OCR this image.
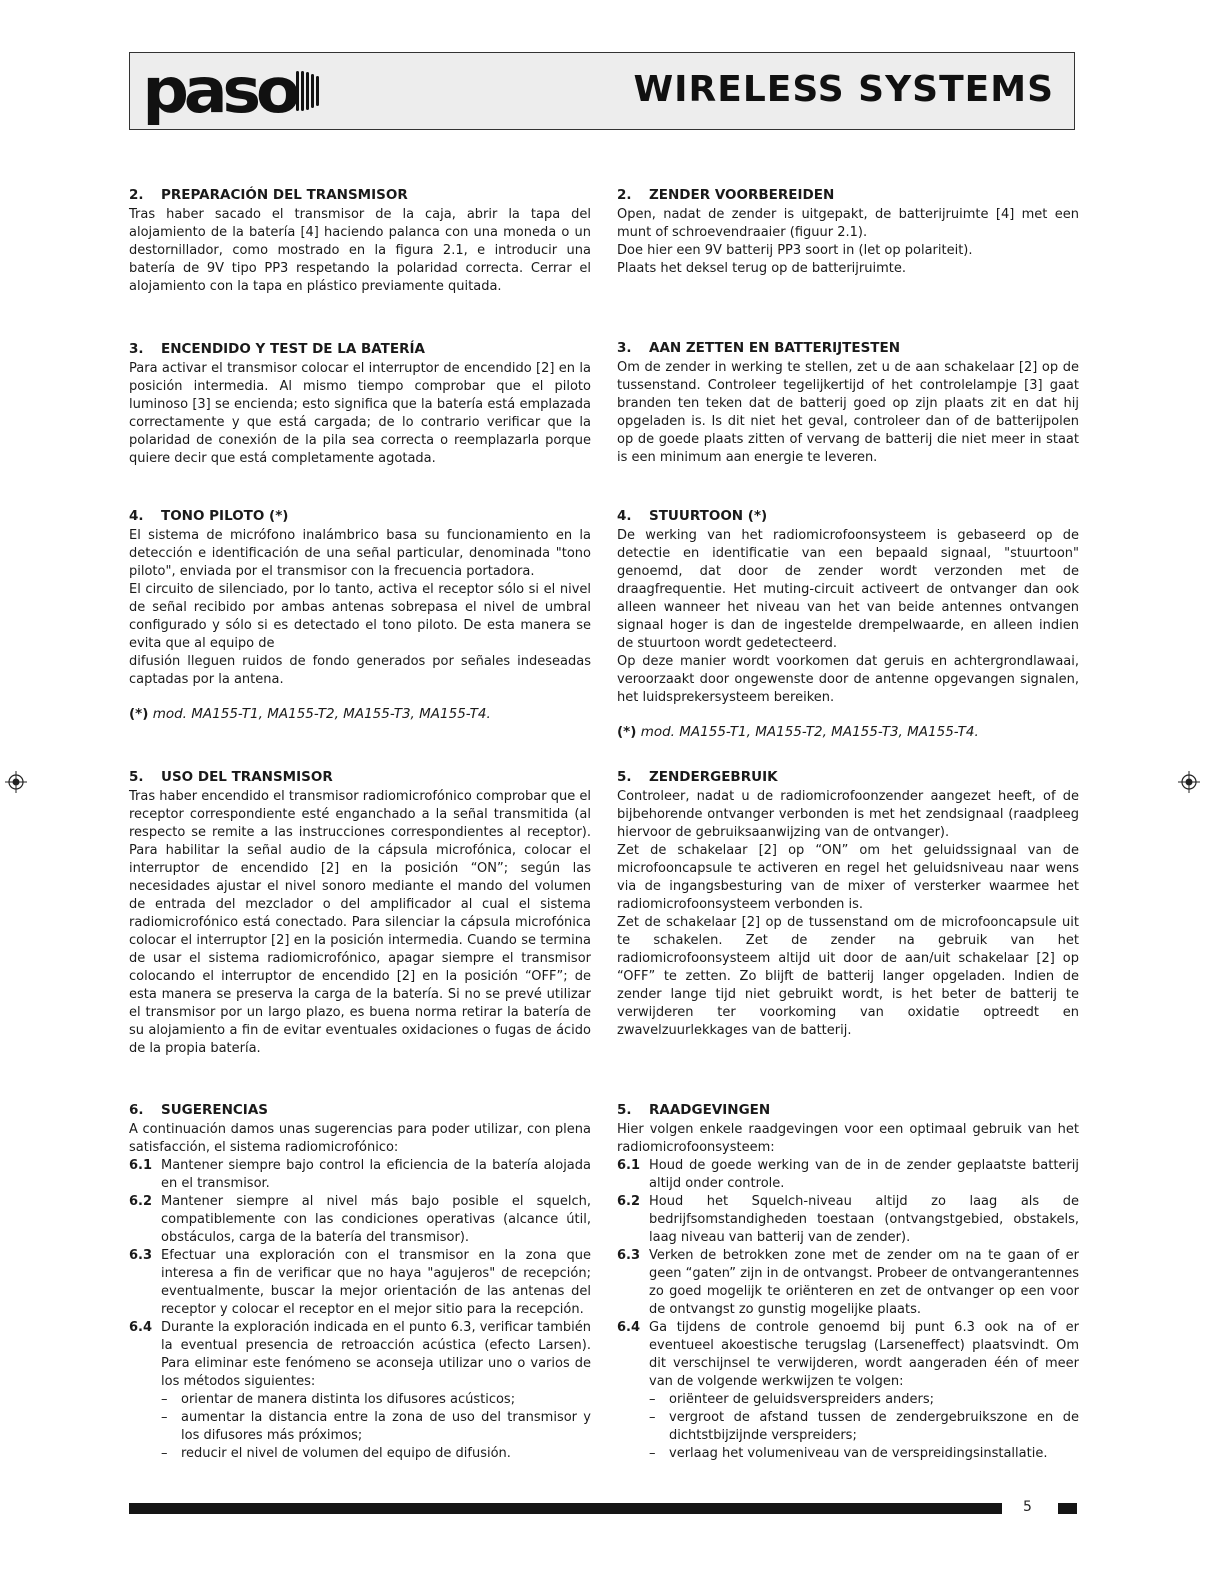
paso	WIRELESS SYSTEMS
2. PREPARACIÓN DEL TRANSMISOR

Tras haber sacado el transmisor de la caja, abrir la tapa del alojamiento de la batería [4] haciendo palanca con una moneda o un destornillador, como mostrado en la figura 2.1, e introducir una batería de 9V tipo PP3 respetando la polaridad correcta. Cerrar el alojamiento con la tapa en plástico previamente quitada.

3. ENCENDIDO Y TEST DE LA BATERÍA

Para activar el transmisor colocar el interruptor de encendido [2] en la posición intermedia. Al mismo tiempo comprobar que el piloto luminoso [3] se encienda; esto significa que la batería está emplazada correctamente y que está cargada; de lo contrario verificar que la polaridad de conexión de la pila sea correcta o reemplazarla porque quiere decir que está completamente agotada.

4. TONO PILOTO (*)

El sistema de micrófono inalámbrico basa su funcionamiento en la detección e identificación de una señal particular, denominada "tono piloto", enviada por el transmisor con la frecuencia portadora.

El circuito de silenciado, por lo tanto, activa el receptor sólo si el nivel de señal recibido por ambas antenas sobrepasa el nivel de umbral configurado y sólo si es detectado el tono piloto. De esta manera se evita que al equipo de

difusión lleguen ruidos de fondo generados por señales indeseadas captadas por la antena.

(*) mod. MA155-T1, MA155-T2, MA155-T3, MA155-T4.
5. USO DEL TRANSMISOR

Tras haber encendido el transmisor radiomicrofónico comprobar que el receptor correspondiente esté enganchado a la señal transmitida (al respecto se remite a las instrucciones correspondientes al receptor). Para habilitar la señal audio de la cápsula microfónica, colocar el interruptor de encendido [2] en la posición “ON”; según las necesidades ajustar el nivel sonoro mediante el mando del volumen de entrada del mezclador o del amplificador al cual el sistema radiomicrofónico está conectado. Para silenciar la cápsula microfónica colocar el interruptor [2] en la posición intermedia. Cuando se termina de usar el sistema radiomicrofónico, apagar siempre el transmisor colocando el interruptor de encendido [2] en la posición “OFF”; de esta manera se preserva la carga de la batería. Si no se prevé utilizar el transmisor por un largo plazo, es buena norma retirar la batería de su alojamiento a fin de evitar eventuales oxidaciones o fugas de ácido de la propia batería.

6. SUGERENCIAS

A continuación damos unas sugerencias para poder utilizar, con plena satisfacción, el sistema radiomicrofónico:

6.1 Mantener siempre bajo control la eficiencia de la batería alojada en el transmisor.
6.2 Mantener siempre al nivel más bajo posible el squelch, compatiblemente con las condiciones operativas (alcance útil, obstáculos, carga de la batería del transmisor).
6.3 Efectuar una exploración con el transmisor en la zona que interesa a fin de verificar que no haya "agujeros" de recepción; eventualmente, buscar la mejor orientación de las antenas del receptor y colocar el receptor en el mejor sitio para la recepción.
6.4 Durante la exploración indicada en el punto 6.3, verificar también la eventual presencia de retroacción acústica (efecto Larsen). Para eliminar este fenómeno se aconseja utilizar uno o varios de los métodos siguientes:
–	orientar de manera distinta los difusores acústicos;
–	aumentar la distancia entre la zona de uso del transmisor y los difusores más próximos;
–	reducir el nivel de volumen del equipo de difusión.
2. ZENDER VOORBEREIDEN

Open, nadat de zender is uitgepakt, de batterijruimte [4] met een munt of schroevendraaier (figuur 2.1).

Doe hier een 9V batterij PP3 soort in (let op polariteit).

Plaats het deksel terug op de batterijruimte.

3. AAN ZETTEN EN BATTERIJTESTEN

Om de zender in werking te stellen, zet u de aan schakelaar [2] op de tussenstand. Controleer tegelijkertijd of het controlelampje [3] gaat branden ten teken dat de batterij goed op zijn plaats zit en dat hij opgeladen is. Is dit niet het geval, controleer dan of de batterijpolen op de goede plaats zitten of vervang de batterij die niet meer in staat is een minimum aan energie te leveren.

4. STUURTOON (*)

De werking van het radiomicrofoonsysteem is gebaseerd op de detectie en identificatie van een bepaald signaal, "stuurtoon" genoemd, dat door de zender wordt verzonden met de draagfrequentie. Het muting-circuit activeert de ontvanger dan ook alleen wanneer het niveau van het van beide antennes ontvangen signaal hoger is dan de ingestelde drempelwaarde, en alleen indien de stuurtoon wordt gedetecteerd.

Op deze manier wordt voorkomen dat geruis en achtergrondlawaai, veroorzaakt door ongewenste door de antenne opgevangen signalen, het luidsprekersysteem bereiken.

(*) mod. MA155-T1, MA155-T2, MA155-T3, MA155-T4.
5. ZENDERGEBRUIK

Controleer, nadat u de radiomicrofoonzender aangezet heeft, of de bijbehorende ontvanger verbonden is met het zendsignaal (raadpleeg hiervoor de gebruiksaanwijzing van de ontvanger).

Zet de schakelaar [2] op “ON” om het geluidssignaal van de microfooncapsule te activeren en regel het geluidsniveau naar wens via de ingangsbesturing van de mixer of versterker waarmee het radiomicrofoonsysteem verbonden is.

Zet de schakelaar [2] op de tussenstand om de microfooncapsule uit te schakelen. Zet de zender na gebruik van het radiomicrofoonsysteem altijd uit door de aan/uit schakelaar [2] op “OFF” te zetten. Zo blijft de batterij langer opgeladen. Indien de zender lange tijd niet gebruikt wordt, is het beter de batterij te verwijderen ter voorkoming van oxidatie optreedt en zwavelzuurlekkages van de batterij.

5. RAADGEVINGEN

Hier volgen enkele raadgevingen voor een optimaal gebruik van het radiomicrofoonsysteem:

6.1 Houd de goede werking van de in de zender geplaatste batterij altijd onder controle.
6.2 Houd het Squelch-niveau altijd zo laag als de bedrijfsomstandigheden toestaan (ontvangstgebied, obstakels, laag niveau van batterij van de zender).
6.3 Verken de betrokken zone met de zender om na te gaan of er geen “gaten” zijn in de ontvangst. Probeer de ontvangerantennes zo goed mogelijk te oriënteren en zet de ontvanger op een voor de ontvangst zo gunstig mogelijke plaats.
6.4 Ga tijdens de controle genoemd bij punt 6.3 ook na of er eventueel akoestische terugslag (Larseneffect) plaatsvindt. Om dit verschijnsel te verwijderen, wordt aangeraden één of meer van de volgende werkwijzen te volgen:
–	oriënteer de geluidsverspreiders anders;
–	vergroot de afstand tussen de zendergebruikszone en de dichtstbijzijnde verspreiders;
–	verlaag het volumeniveau van de verspreidingsinstallatie.
5
